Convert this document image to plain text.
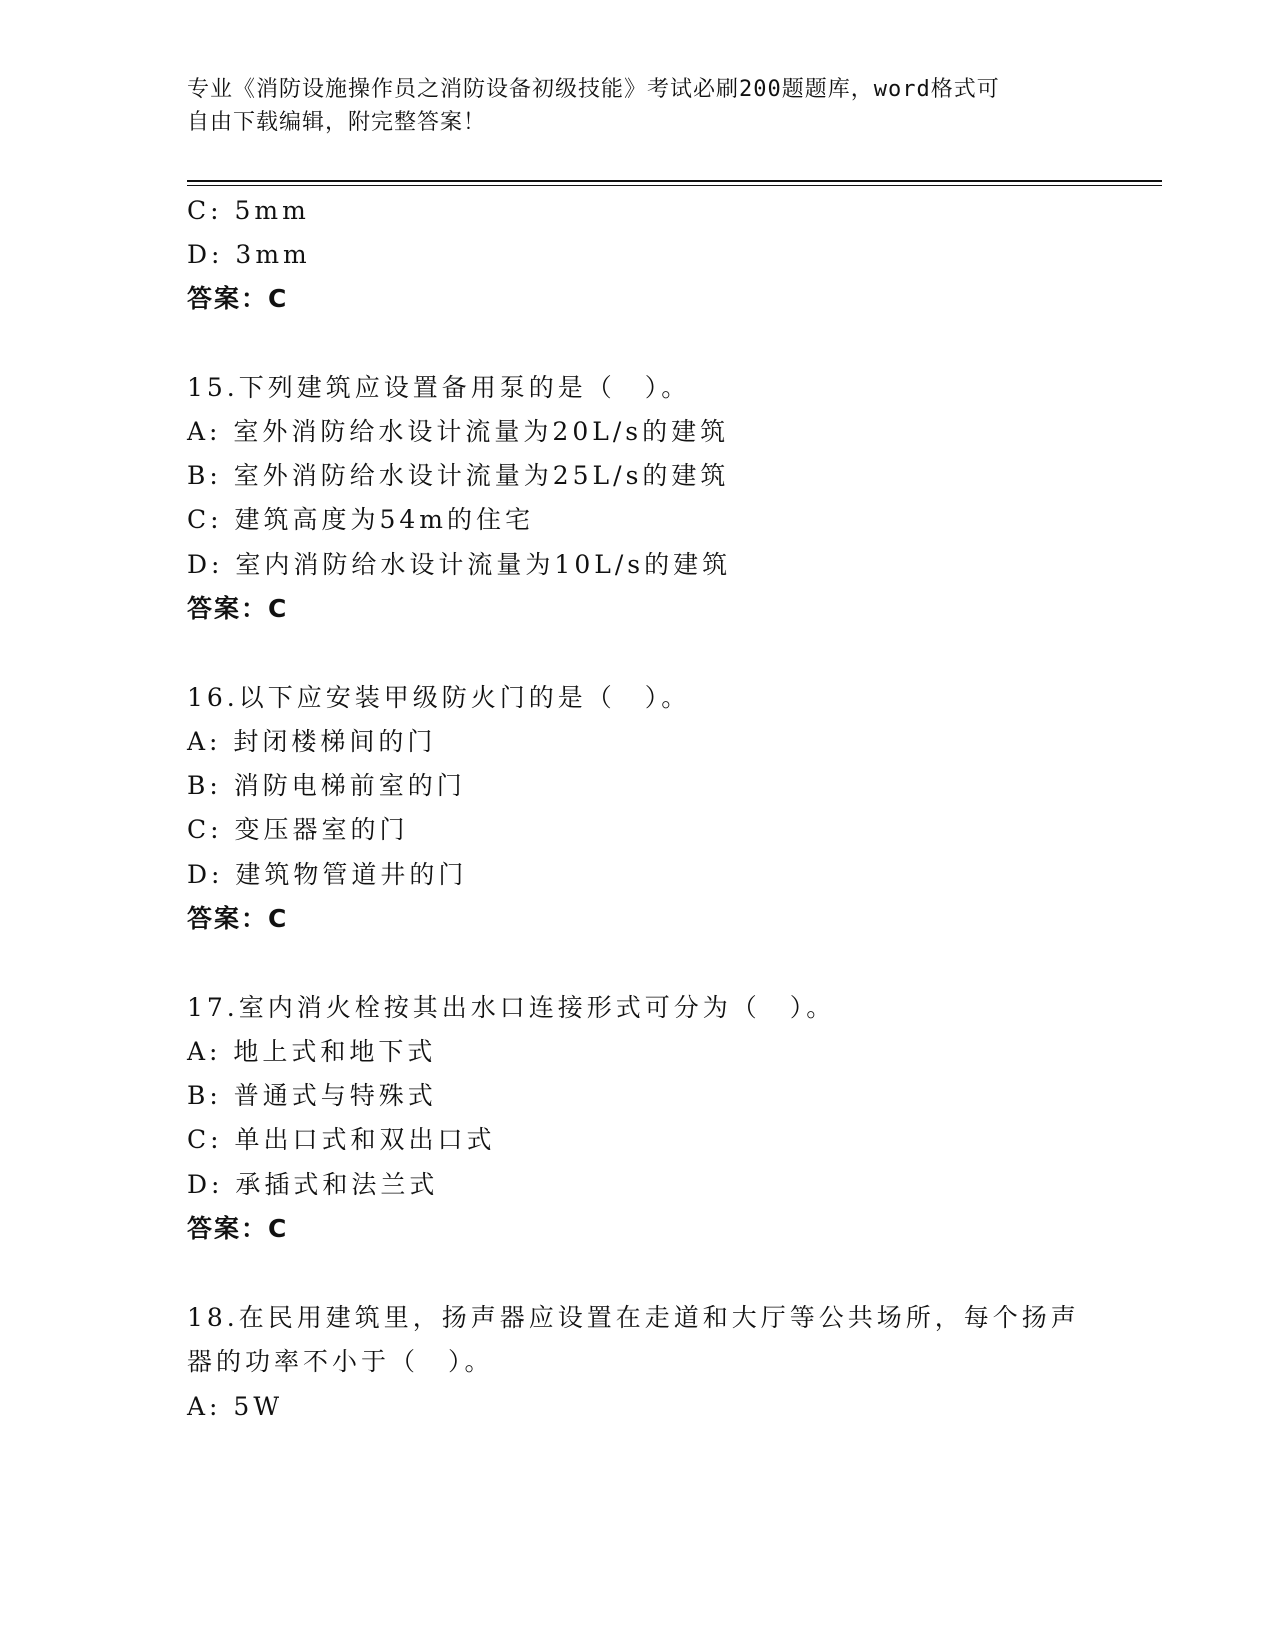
专业《消防设施操作员之消防设备初级技能》考试必刷200题题库，word格式可
自由下载编辑，附完整答案！
C: 5mm
D: 3mm
答案：C
15.下列建筑应设置备用泵的是（　）。
A: 室外消防给水设计流量为20L/s的建筑
B: 室外消防给水设计流量为25L/s的建筑
C: 建筑高度为54m的住宅
D: 室内消防给水设计流量为10L/s的建筑
答案：C
16.以下应安装甲级防火门的是（　）。
A: 封闭楼梯间的门
B: 消防电梯前室的门
C: 变压器室的门
D: 建筑物管道井的门
答案：C
17.室内消火栓按其出水口连接形式可分为（　）。
A: 地上式和地下式
B: 普通式与特殊式
C: 单出口式和双出口式
D: 承插式和法兰式
答案：C
18.在民用建筑里，扬声器应设置在走道和大厅等公共场所，每个扬声
器的功率不小于（　）。
A: 5W
